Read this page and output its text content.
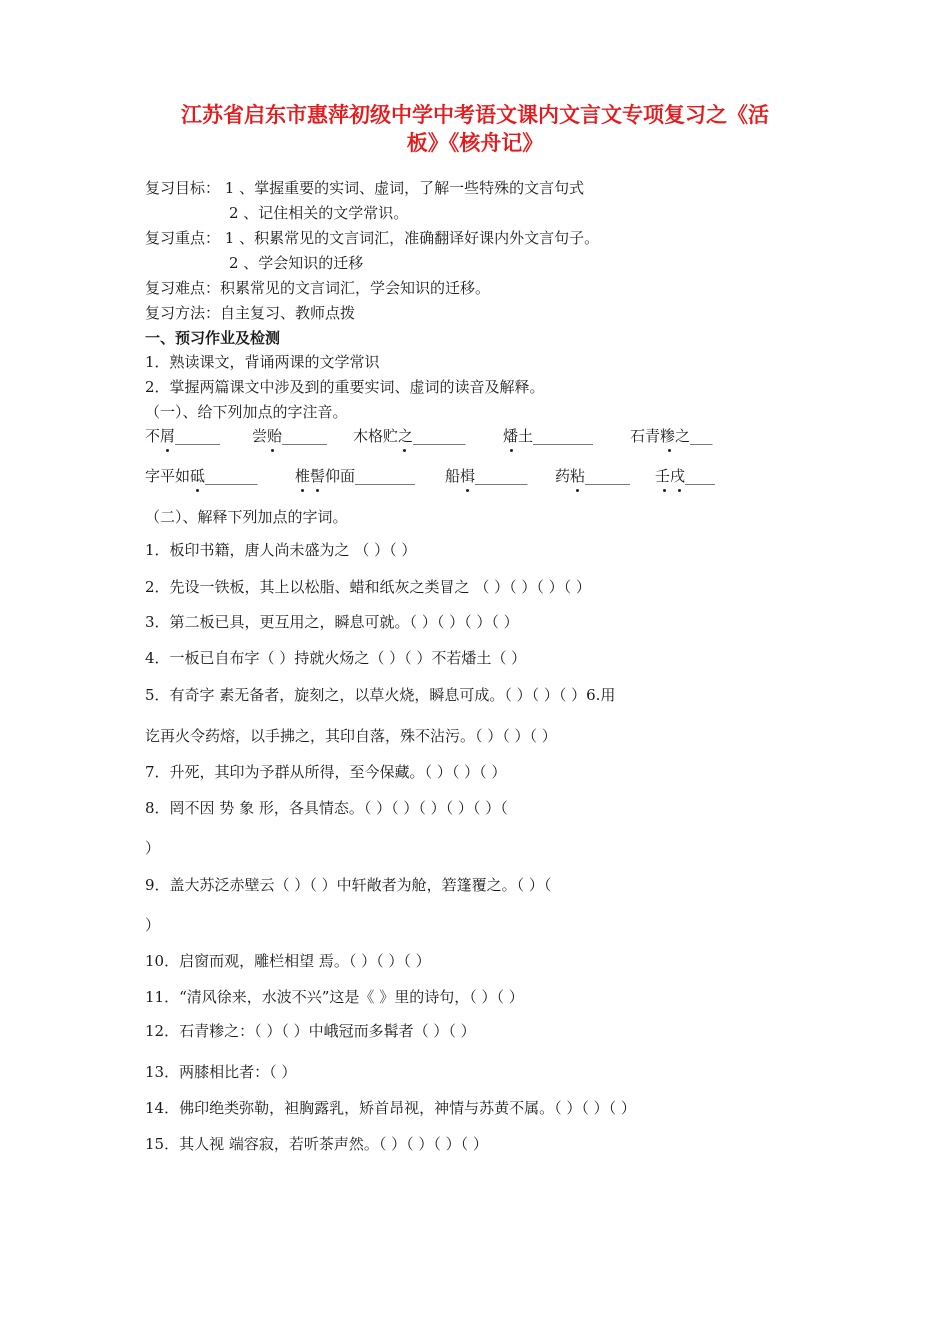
江苏省启东市惠萍初级中学中考语文课内文言文专项复习之《活
板》《核舟记》
复习目标： 1 、掌握重要的实词、虚词，了解一些特殊的文言句式
2 、记住相关的文学常识。
复习重点： 1 、积累常见的文言词汇，准确翻译好课内外文言句子。
2 、学会知识的迁移
复习难点：积累常见的文言词汇，学会知识的迁移。
复习方法：自主复习、教师点拨
一、预习作业及检测
1．熟读课文，背诵两课的文学常识
2．掌握两篇课文中涉及到的重要实词、虚词的读音及解释。
（一）、给下列加点的字注音。
不屑______ 尝贻______ 木格贮之_______ 燔土________ 石青糁之___
字平如砥_______ 椎髻仰面________ 船楫_______ 药粘______ 壬戌____
（二）、解释下列加点的字词。
1．板印书籍，唐人尚未盛为之 （ ）（ ）
2．先设一铁板，其上以松脂、蜡和纸灰之类冒之 （ ）（ ）（ ）（ ）
3．第二板已具，更互用之，瞬息可就。（ ）（ ）（ ）（ ）
4．一板已自布字（ ）持就火炀之（ ）（ ）不若燔土（ ）
5．有奇字 素无备者，旋刻之，以草火烧，瞬息可成。（ ）（ ）（ ）6.用
讫再火令药熔，以手拂之，其印自落，殊不沾污。（ ）（ ）（ ）
7．升死，其印为予群从所得，至今保藏。（ ）（ ）（ ）
8．罔不因 势 象 形，各具情态。（ ）（ ）（ ）（ ）（ ）（
）
9．盖大苏泛赤壁云（ ）（ ）中轩敞者为舱，箬篷覆之。（ ）（
）
10．启窗而观，雕栏相望 焉。（ ）（ ）（ ）
11．“清风徐来，水波不兴”这是《 》里的诗句，（ ）（ ）
12．石青糁之：（ ）（ ）中峨冠而多髯者（ ）（ ）
13．两膝相比者：（ ）
14．佛印绝类弥勒，袒胸露乳，矫首昂视，神情与苏黄不属。（ ）（ ）（ ）
15．其人视 端容寂，若听茶声然。（ ）（ ）（ ）（ ）
